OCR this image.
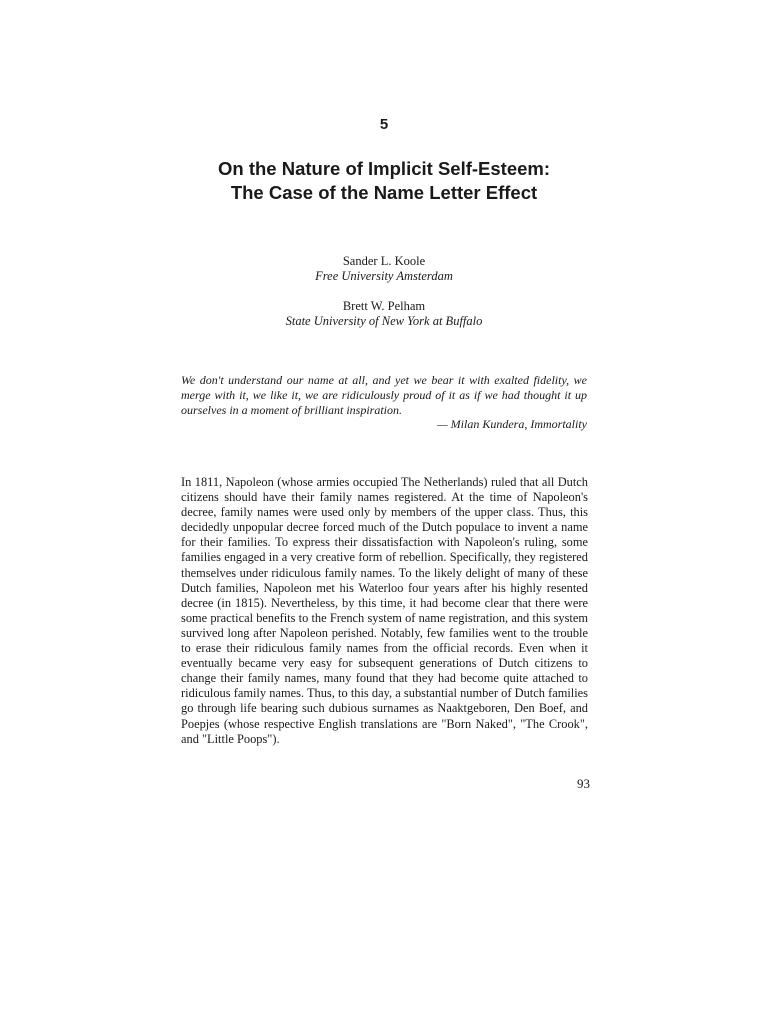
5
On the Nature of Implicit Self-Esteem:
The Case of the Name Letter Effect
Sander L. Koole
Free University Amsterdam
Brett W. Pelham
State University of New York at Buffalo
We don't understand our name at all, and yet we bear it with exalted fidelity, we merge with it, we like it, we are ridiculously proud of it as if we had thought it up ourselves in a moment of brilliant inspiration.
— Milan Kundera, Immortality
In 1811, Napoleon (whose armies occupied The Netherlands) ruled that all Dutch citizens should have their family names registered. At the time of Napoleon's decree, family names were used only by members of the upper class. Thus, this decidedly unpopular decree forced much of the Dutch populace to invent a name for their families. To express their dissatisfaction with Napoleon's ruling, some families engaged in a very creative form of rebellion. Specifically, they registered themselves under ridiculous family names. To the likely delight of many of these Dutch families, Napoleon met his Waterloo four years after his highly resented decree (in 1815). Nevertheless, by this time, it had become clear that there were some practical benefits to the French system of name registration, and this system survived long after Napoleon perished. Notably, few families went to the trouble to erase their ridiculous family names from the official records. Even when it eventually became very easy for subsequent generations of Dutch citizens to change their family names, many found that they had become quite attached to ridiculous family names. Thus, to this day, a substantial number of Dutch families go through life bearing such dubious surnames as Naaktgeboren, Den Boef, and Poepjes (whose respective English translations are "Born Naked", "The Crook", and "Little Poops").
93
